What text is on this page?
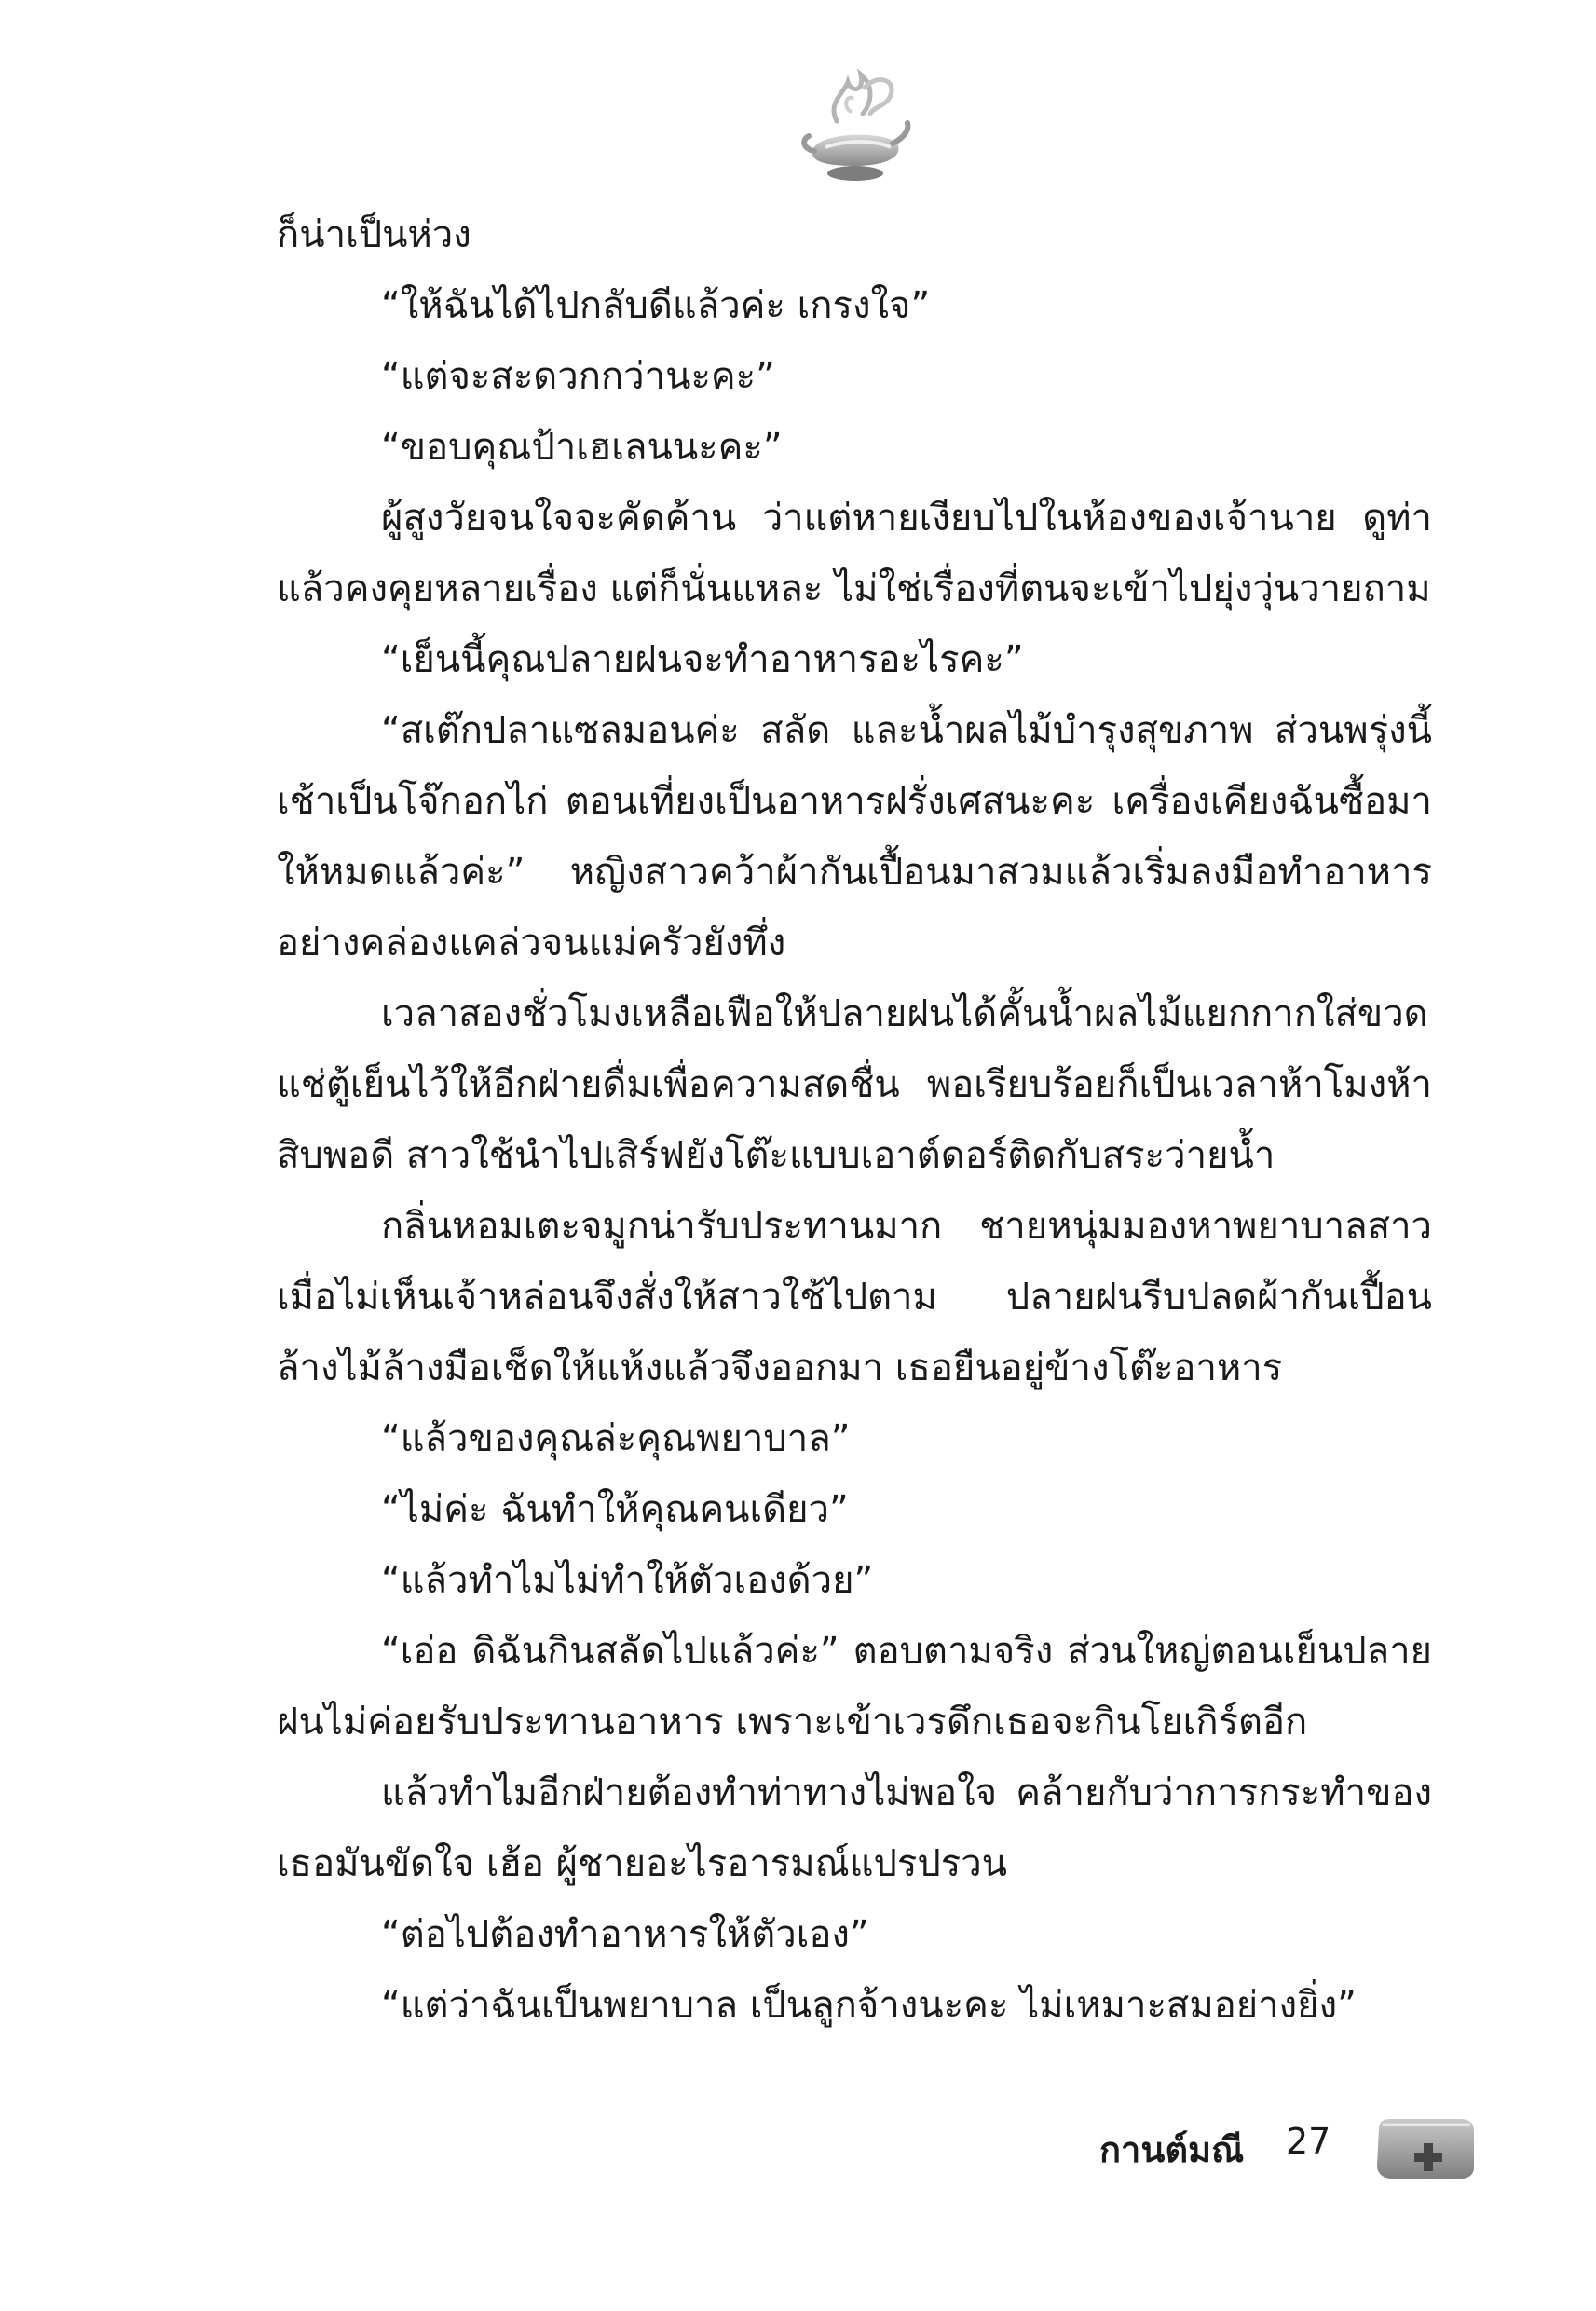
ก็น่าเป็นห่วง

“ให้ฉันได้ไปกลับดีแล้วค่ะ เกรงใจ”

“แต่จะสะดวกกว่านะคะ”

“ขอบคุณป้าเฮเลนนะคะ”

ผู้สูงวัยจนใจจะคัดค้าน ว่าแต่หายเงียบไปในห้องของเจ้านาย ดูท่าแล้วคงคุยหลายเรื่อง แต่ก็นั่นแหละ ไม่ใช่เรื่องที่ตนจะเข้าไปยุ่งวุ่นวายถาม

“เย็นนี้คุณปลายฝนจะทำอาหารอะไรคะ”

“สเต๊กปลาแซลมอนค่ะ สลัด และน้ำผลไม้บำรุงสุขภาพ ส่วนพรุ่งนี้เช้าเป็นโจ๊กอกไก่ ตอนเที่ยงเป็นอาหารฝรั่งเศสนะคะ เครื่องเคียงฉันซื้อมาให้หมดแล้วค่ะ” หญิงสาวคว้าผ้ากันเปื้อนมาสวมแล้วเริ่มลงมือทำอาหารอย่างคล่องแคล่วจนแม่ครัวยังทึ่ง

เวลาสองชั่วโมงเหลือเฟือให้ปลายฝนได้คั้นน้ำผลไม้แยกกากใส่ขวดแช่ตู้เย็นไว้ให้อีกฝ่ายดื่มเพื่อความสดชื่น พอเรียบร้อยก็เป็นเวลาห้าโมงห้าสิบพอดี สาวใช้นำไปเสิร์ฟยังโต๊ะแบบเอาต์ดอร์ติดกับสระว่ายน้ำ

กลิ่นหอมเตะจมูกน่ารับประทานมาก ชายหนุ่มมองหาพยาบาลสาวเมื่อไม่เห็นเจ้าหล่อนจึงสั่งให้สาวใช้ไปตาม ปลายฝนรีบปลดผ้ากันเปื้อนล้างไม้ล้างมือเช็ดให้แห้งแล้วจึงออกมา เธอยืนอยู่ข้างโต๊ะอาหาร

“แล้วของคุณล่ะคุณพยาบาล”

“ไม่ค่ะ ฉันทำให้คุณคนเดียว”

“แล้วทำไมไม่ทำให้ตัวเองด้วย”

“เอ่อ ดิฉันกินสลัดไปแล้วค่ะ” ตอบตามจริง ส่วนใหญ่ตอนเย็นปลายฝนไม่ค่อยรับประทานอาหาร เพราะเข้าเวรดึกเธอจะกินโยเกิร์ตอีก

แล้วทำไมอีกฝ่ายต้องทำท่าทางไม่พอใจ คล้ายกับว่าการกระทำของเธอมันขัดใจ เฮ้อ ผู้ชายอะไรอารมณ์แปรปรวน

“ต่อไปต้องทำอาหารให้ตัวเอง”

“แต่ว่าฉันเป็นพยาบาล เป็นลูกจ้างนะคะ ไม่เหมาะสมอย่างยิ่ง”

กานต์มณี 27
